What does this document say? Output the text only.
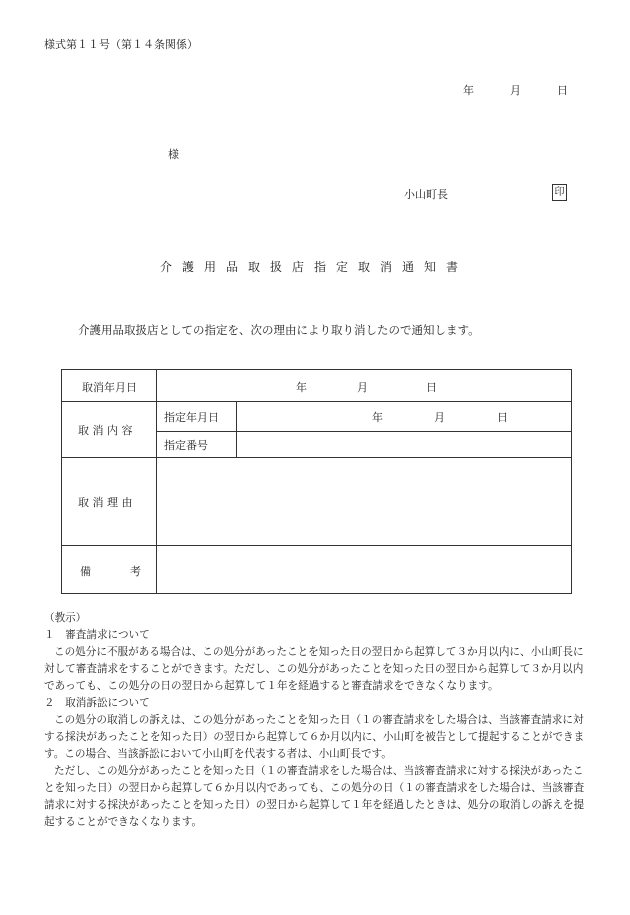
様式第１１号（第１４条関係）
年	月	日
様
小山町長	印
介護用品取扱店指定取消通知書
介護用品取扱店としての指定を、次の理由により取り消したので通知します。
取消年月日	年	月	日
取 消 内 容
指定年月日	年	月	日
指定番号
取 消 理 由
備	考

（教示）

１　審査請求について

この処分に不服がある場合は、この処分があったことを知った日の翌日から起算して３か月以内に、小山町長に

対して審査請求をすることができます。ただし、この処分があったことを知った日の翌日から起算して３か月以内

であっても、この処分の日の翌日から起算して１年を経過すると審査請求をできなくなります。

２　取消訴訟について

この処分の取消しの訴えは、この処分があったことを知った日（１の審査請求をした場合は、当該審査請求に対

する採決があったことを知った日）の翌日から起算して６か月以内に、小山町を被告として提起することができま

す。この場合、当該訴訟において小山町を代表する者は、小山町長です。

ただし、この処分があったことを知った日（１の審査請求をした場合は、当該審査請求に対する採決があったこ

とを知った日）の翌日から起算して６か月以内であっても、この処分の日（１の審査請求をした場合は、当該審査

請求に対する採決があったことを知った日）の翌日から起算して１年を経過したときは、処分の取消しの訴えを提

起することができなくなります。
